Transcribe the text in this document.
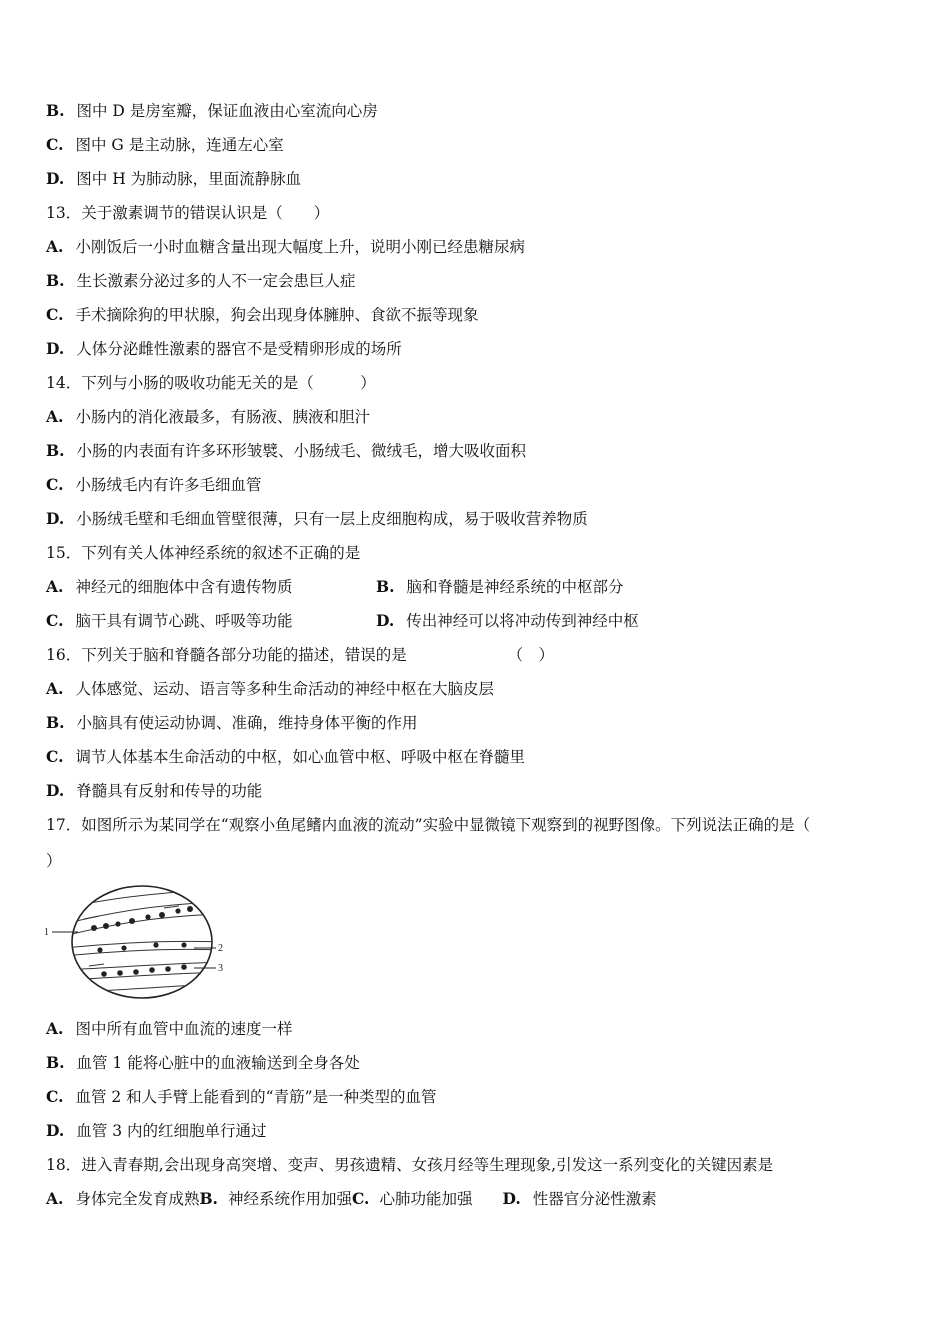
B. 图中 D 是房室瓣，保证血液由心室流向心房
C. 图中 G 是主动脉，连通左心室
D. 图中 H 为肺动脉，里面流静脉血
13．关于激素调节的错误认识是（　　）
A. 小刚饭后一小时血糖含量出现大幅度上升，说明小刚已经患糖尿病
B. 生长激素分泌过多的人不一定会患巨人症
C. 手术摘除狗的甲状腺，狗会出现身体臃肿、食欲不振等现象
D. 人体分泌雌性激素的器官不是受精卵形成的场所
14．下列与小肠的吸收功能无关的是（　　　）
A. 小肠内的消化液最多，有肠液、胰液和胆汁
B. 小肠的内表面有许多环形皱襞、小肠绒毛、微绒毛，增大吸收面积
C. 小肠绒毛内有许多毛细血管
D. 小肠绒毛壁和毛细血管壁很薄，只有一层上皮细胞构成，易于吸收营养物质
15．下列有关人体神经系统的叙述不正确的是
16．下列关于脑和脊髓各部分功能的描述，错误的是　　　　　　　（　）
A. 人体感觉、运动、语言等多种生命活动的神经中枢在大脑皮层
B. 小脑具有使运动协调、准确，维持身体平衡的作用
C. 调节人体基本生命活动的中枢，如心血管中枢、呼吸中枢在脊髓里
D. 脊髓具有反射和传导的功能
17．如图所示为某同学在“观察小鱼尾鳍内血液的流动”实验中显微镜下观察到的视野图像。下列说法正确的是（
）
A. 图中所有血管中血流的速度一样
B. 血管 1 能将心脏中的血液输送到全身各处
C. 血管 2 和人手臂上能看到的“青筋”是一种类型的血管
D. 血管 3 内的红细胞单行通过
18．进入青春期,会出现身高突增、变声、男孩遗精、女孩月经等生理现象,引发这一系列变化的关键因素是
A. 神经元的细胞体中含有遗传物质	B. 脑和脊髓是神经系统的中枢部分
C. 脑干具有调节心跳、呼吸等功能	D. 传出神经可以将冲动传到神经中枢
1
2
3
A. 身体完全发育成熟B. 神经系统作用加强C. 心肺功能加强 D. 性器官分泌性激素
